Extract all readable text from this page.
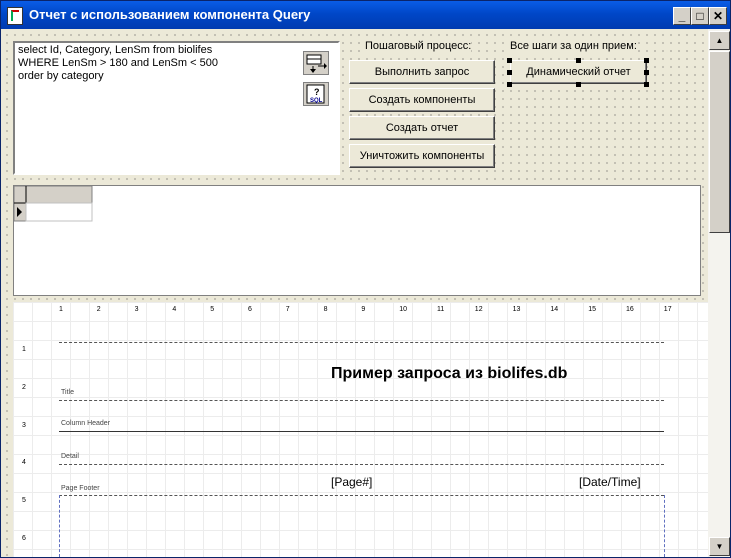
Отчет с использованием компонента Query	_ □ ✕
select Id, Category, LenSm from biolifes
WHERE LenSm > 180 and LenSm < 500
order by category
?
SQL
Пошаговый процесс:	Все шаги за один прием:
Выполнить запрос
Создать компоненты
Создать отчет
Уничтожить компоненты
Динамический отчет
1	2	3	4	5	6	7	8	9	10	11	12	13	14	15	16	17
1
2
3
4
5
6
Title
Пример запроса из biolifes.db
Column Header
Detail
Page Footer	[Page#]	[Date/Time]
▲
▼
